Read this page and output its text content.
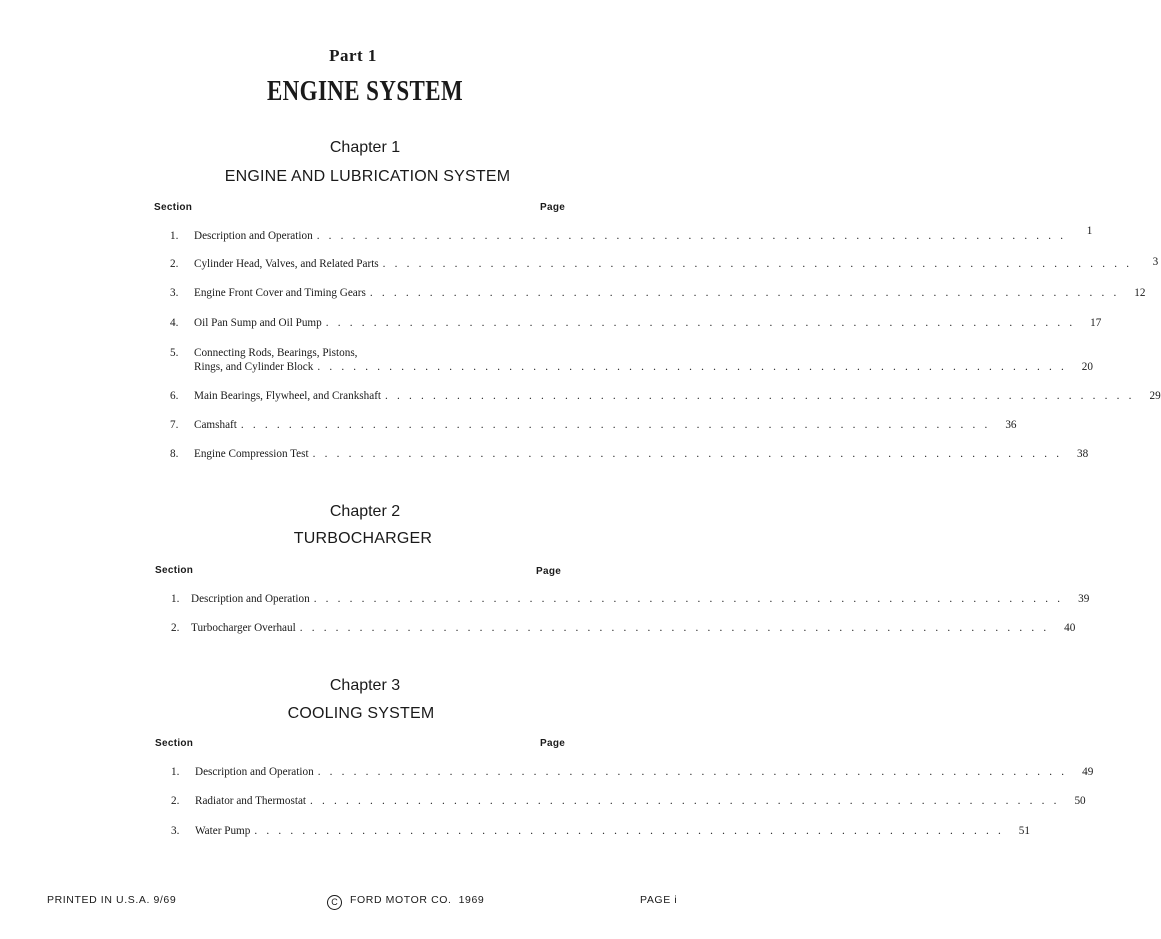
Part 1
ENGINE SYSTEM
Chapter 1
ENGINE AND LUBRICATION SYSTEM
Section	Page
1.	Description and Operation . . . . . . . . . . . . . . . . . . . . . . . . . . . . . . . . . . . . . . . . . . . . . . . . . . . . . . . . . . . . . . .	1
2.	Cylinder Head, Valves, and Related Parts . . . . . . . . . . . . . . . . . . . . . . . . . . . . . . . . . . . . . . . . . . . . . . . . . . . . . . . . . . . . . . .	3
3.	Engine Front Cover and Timing Gears . . . . . . . . . . . . . . . . . . . . . . . . . . . . . . . . . . . . . . . . . . . . . . . . . . . . . . . . . . . . . . .	12
4.	Oil Pan Sump and Oil Pump . . . . . . . . . . . . . . . . . . . . . . . . . . . . . . . . . . . . . . . . . . . . . . . . . . . . . . . . . . . . . . .	17
5.	Connecting Rods, Bearings, Pistons,
Rings, and Cylinder Block . . . . . . . . . . . . . . . . . . . . . . . . . . . . . . . . . . . . . . . . . . . . . . . . . . . . . . . . . . . . . . .	20
6.	Main Bearings, Flywheel, and Crankshaft . . . . . . . . . . . . . . . . . . . . . . . . . . . . . . . . . . . . . . . . . . . . . . . . . . . . . . . . . . . . . . .	29
7.	Camshaft . . . . . . . . . . . . . . . . . . . . . . . . . . . . . . . . . . . . . . . . . . . . . . . . . . . . . . . . . . . . . . .	36
8.	Engine Compression Test . . . . . . . . . . . . . . . . . . . . . . . . . . . . . . . . . . . . . . . . . . . . . . . . . . . . . . . . . . . . . . .	38
Chapter 2
TURBOCHARGER
Section	Page
1.	Description and Operation . . . . . . . . . . . . . . . . . . . . . . . . . . . . . . . . . . . . . . . . . . . . . . . . . . . . . . . . . . . . . . .	39
2.	Turbocharger Overhaul . . . . . . . . . . . . . . . . . . . . . . . . . . . . . . . . . . . . . . . . . . . . . . . . . . . . . . . . . . . . . . .	40
Chapter 3
COOLING SYSTEM
Section	Page
1.	Description and Operation . . . . . . . . . . . . . . . . . . . . . . . . . . . . . . . . . . . . . . . . . . . . . . . . . . . . . . . . . . . . . . .	49
2.	Radiator and Thermostat . . . . . . . . . . . . . . . . . . . . . . . . . . . . . . . . . . . . . . . . . . . . . . . . . . . . . . . . . . . . . . .	50
3.	Water Pump . . . . . . . . . . . . . . . . . . . . . . . . . . . . . . . . . . . . . . . . . . . . . . . . . . . . . . . . . . . . . . .	51
PRINTED IN U.S.A. 9/69	C FORD MOTOR CO.  1969	PAGE i
